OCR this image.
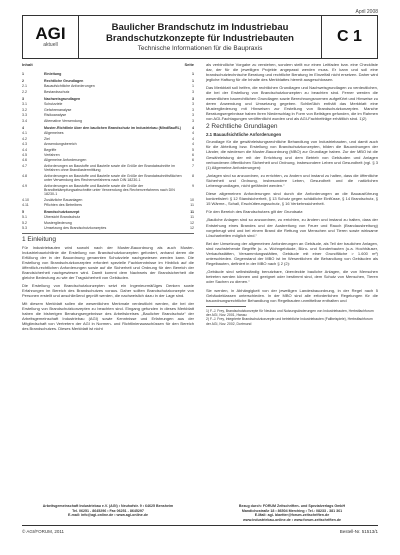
April 2008
AGI
aktuell
Baulicher Brandschutz im Industriebau
Brandschutzkonzepte für Industriebauten
Technische Informationen für die Baupraxis
C 1
Inhalt	Seite
1	Einleitung	1
2	Rechtliche Grundlagen	1
2.1	Bauaufsichtliche Anforderungen	1
2.2	Bestandsschutz	3
3	Nachweisgrundlagen	3
3.1	Schutzziele	3
3.2	Gefahrenanalyse	3
3.3	Risikoanalyse	3
3.4	Alternative Verwendung	3
4	Muster-Richtlinie über den baulichen Brandschutz im Industriebau (MIndBauRL)	4
4.1	Allgemeines	4
4.2	Ziel	4
4.3	Anwendungsbereich	4
4.4	Begriffe	5
4.5	Verfahren	6
4.6	Allgemeine Anforderungen	6
4.7	Anforderungen an Baustoffe und Bauteile sowie die Größe der Brandabschnitte im Verfahren ohne Brandlastermittlung	7
4.8	Anforderungen an Baustoffe und Bauteile sowie die Größe der Brandabschnittsflächen unter Verwendung des Rechenverfahrens nach DIN 18230-1	8
4.9	Anforderungen an Baustoffe und Bauteile sowie die Größe der Brandbekämpfungsabschnitte unter Verwendung des Rechenverfahrens nach DIN 18230-1	9
4.10	Zusätzliche Bauanlagen	10
4.11	Pflichten des Betreibers	11
5	Brandschutzkonzept	11
5.1	Übersicht Brandschutz	11
5.2	Mustergliederung	12
5.3	Umsetzung des Brandschutzkonzeptes	12
1 Einleitung

Für Industriebauten wird sowohl nach der Muster-Bauordnung als auch Muster-Industriebaurichtlinie die Erstellung von Brandschutzkonzepten gefordert, anhand deren die Erfüllung der in der Bauordnung genannten Schutzziele nachgewiesen werden kann. Die Erstellung von Brandschutzkonzepten erfordert spezielle Fachkenntnisse im Hinblick auf die öffentlich-rechtlichen Anforderungen sowie auf die Sicherheit und Ordnung für den Bereich der Brandsicherheit nachgewiesen wird. Damit kommt dem Nachweis der Brandsicherheit die gleiche Bedeutung zu wie der Tragsicherheit von Gebäuden.

Die Erstellung von Brandschutzkonzepten setzt ein Ingenieurmäßiges Denken sowie Erfahrungen im Bereich des Brandschutzes voraus. Daher sollten Brandschutzkonzepte von Personen erstellt und anschließend geprüft werden, die nachweislich dazu in der Lage sind.

Mit diesem Merkblatt sollen die wesentlichen Merkmale verdeutlicht werden, die bei der Erstellung von Brandschutzkonzepten zu beachten sind. Eingang gefunden in dieses Merkblatt haben die bisherigen Beratungsergebnisse des Arbeitskreises „Baulicher Brandschutz“ der Arbeitsgemeinschaft Industriebau (AGI) sowie Kenntnisse und Erfahrungen aus der Mitgliedschaft von Vertretern der AGI in Normen- und Richtlinienausschüssen für den Bereich des Brandschutzes. Dieses Merkblatt ist nicht

als verbindliche Vorgabe zu verstehen, sondern stellt nur einen Leitfaden bzw. eine Checkliste dar, der für die jeweiligen Projekte angepasst werden muss. Er kann und soll eine brandschutztechnische Beratung und rechtliche Beratung im Einzelfall nicht ersetzen. Daher wird jegliche Haftung für die Inhalte des Merkblattes hiermit ausgeschlossen.

Das Merkblatt soll helfen, die rechtlichen Grundlagen und Nachweisgrundlagen zu verdeutlichen, die bei der Erstellung von Brandschutzkonzepten zu beachten sind. Ferner werden die wesentlichen baurechtlichen Grundlagen sowie Berechnungsnormen aufgeführt und Hinweise zu deren Anwendung und Umsetzung gegeben. Schließlich enthält das Merkblatt eine Mustergliederung mit Hinweisen zur Erstellung von Brandschutzkonzepten. Manche Beratungsergebnisse haben ihren Niederschlag in Form von Beiträgen gefunden, die im Rahmen von AGI-Fachtagungen veröffentlicht wurden und als AGI-Fachbeiträge erhältlich sind. 1)2)

2 Rechtliche Grundlagen
2.1 Bauaufsichtliche Anforderungen

Grundlage für die gewährleistungsrechtliche Behandlung von Industriebauten, und damit auch für die Abteilung bzw. Erstellung von Brandschutzkonzepten, bilden die Bauordnungen der Länder, die wiederum die Muster-Bauordnung (MBO) zur Grundlage haben. Zur der MBO ist die Gewährleistung der mit der Errichtung und dem Betrieb von Gebäuden und Anlagen verbundenen öffentlichen Sicherheit und Ordnung, insbesondere Leben und Gesundheit (vgl. § 3 (1) Allgemeine Anforderungen):

„Anlagen sind so anzuordnen, zu errichten, zu ändern und instand zu halten, dass die öffentliche Sicherheit und Ordnung, insbesondere Leben, Gesundheit und die natürlichen Lebensgrundlagen, nicht gefährdet werden.“

Diese allgemeinen Anforderungen sind durch die Anforderungen an die Bauausführung konkretisiert: § 12 Standsicherheit, § 13 Schutz gegen schädliche Einflüsse, § 14 Brandschutz, § 15 Wärme-, Schall, Erschütterungsschutz, § 16 Verkehrssicherheit.

Für den Bereich des Brandschutzes gilt der Grundsatz:

„Bauliche Anlagen sind so anzuordnen, zu errichten, zu ändern und instand zu halten, dass der Entstehung eines Brandes und der Ausbreitung von Feuer und Rauch (Brandausbreitung) vorgebeugt wird und bei einem Brand die Rettung von Menschen und Tieren sowie wirksame Löscharbeiten möglich sind.“

Bei der Umsetzung der allgemeinen Anforderungen an Gebäude, als Teil der baulichen Anlagen, sind nachstehende Begriffe (u. a. Wohngebäude, Büro- und Sonderbauten (u.a. Hochhäuser, Verkaufsstätten, Versammlungsstätten, Gebäude mit einer Grundfläche > 1.600 m²) unterschieden. Gegenstand der MBO ist im Wesentlichen die Behandlung von Gebäuden als Regelbauten, definiert in der MBO nach § 2 (2):

„Gebäude sind selbstständig benutzbare, überdeckte bauliche Anlagen, die von Menschen betreten werden können und geeignet oder bestimmt sind, dem Schutz von Menschen, Tieren oder Sachen zu dienen.“

Sie werden, in Abhängigkeit von der jeweiligen Landesbauordnung, in der Regel nach 5 Gebäudeklassen unterschieden. In der MBO sind alle erforderlichen Regelungen für die bauordnungsrechtliche Behandlung von Regelbauten unmittelbar enthalten und

1) F.-J. Frey, Brandschutzkonzepte für Neubau und Nutzungsänderungen von Industriebauten, Herbstfachforum der AGI, Nov. 2001, Hanau
2) F.-J. Frey, Integrierte Brandschutzkonzepte und betriebliche Industriebauten (Fallbeispiele), Herbstfachforum der AGI, Nov. 2002, Dortmund
Arbeitsgemeinschaft Industriebau e.V. (AGI) • Neuhofstr. 9 • 64625 Bensheim
Tel. 06251 - 8645296 • Fax 06251 - 8645297
E-mail: info@agi-online.de • www.agi-online.de
Bezug durch: FORUM Zeitschriften- und Spezialverlags GmbH
Mandichostraße 18 • 86504 Merching • Tel.: 08233 - 381 361
E-Mail: agi- blaetter@forum-zeitschriften.de
www.industriebau-online.de • www.forum-zeitschriften.de
© AGI/FORUM, 2011	Bestell-Nr. 51513/1
